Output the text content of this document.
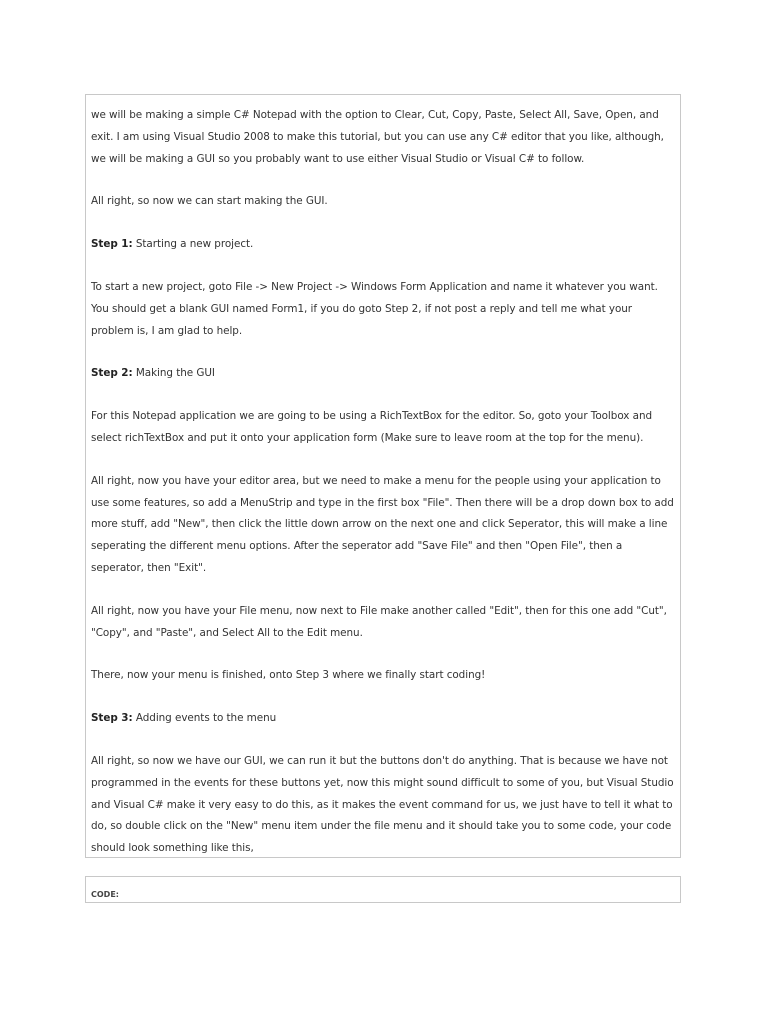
we will be making a simple C# Notepad with the option to Clear, Cut, Copy, Paste, Select All, Save, Open, and exit. I am using Visual Studio 2008 to make this tutorial, but you can use any C# editor that you like, although, we will be making a GUI so you probably want to use either Visual Studio or Visual C# to follow.

All right, so now we can start making the GUI.

Step 1: Starting a new project.

To start a new project, goto File -> New Project -> Windows Form Application and name it whatever you want. You should get a blank GUI named Form1, if you do goto Step 2, if not post a reply and tell me what your problem is, I am glad to help.

Step 2: Making the GUI

For this Notepad application we are going to be using a RichTextBox for the editor. So, goto your Toolbox and select richTextBox and put it onto your application form (Make sure to leave room at the top for the menu).

All right, now you have your editor area, but we need to make a menu for the people using your application to use some features, so add a MenuStrip and type in the first box "File". Then there will be a drop down box to add more stuff, add "New", then click the little down arrow on the next one and click Seperator, this will make a line seperating the different menu options. After the seperator add "Save File" and then "Open File", then a seperator, then "Exit".

All right, now you have your File menu, now next to File make another called "Edit", then for this one add "Cut", "Copy", and "Paste", and Select All to the Edit menu.

There, now your menu is finished, onto Step 3 where we finally start coding!

Step 3: Adding events to the menu

All right, so now we have our GUI, we can run it but the buttons don't do anything. That is because we have not programmed in the events for these buttons yet, now this might sound difficult to some of you, but Visual Studio and Visual C# make it very easy to do this, as it makes the event command for us, we just have to tell it what to do, so double click on the "New" menu item under the file menu and it should take you to some code, your code should look something like this,

CODE:
